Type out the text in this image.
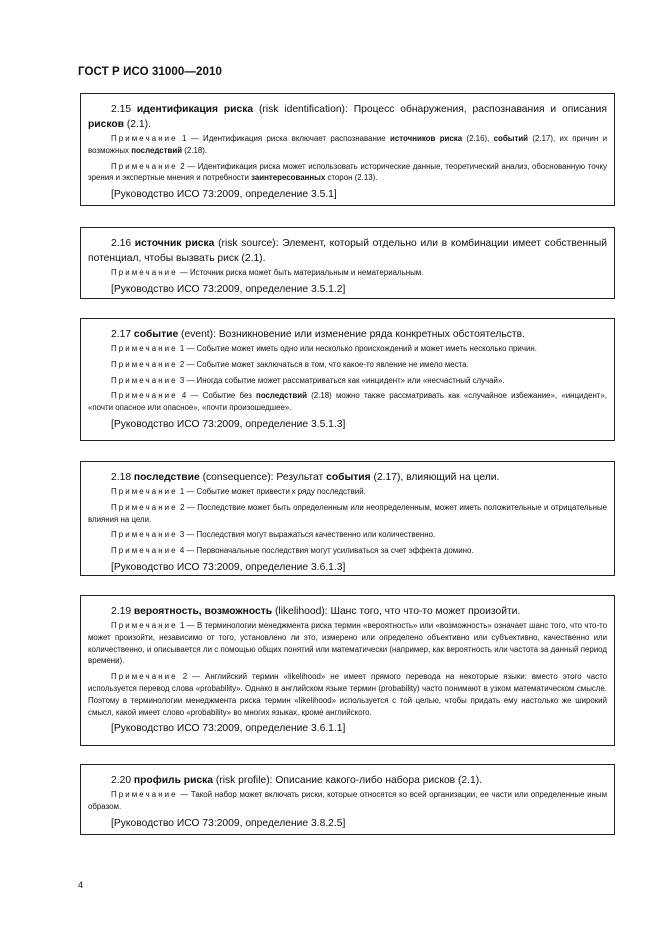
ГОСТ Р ИСО 31000—2010

2.15 идентификация риска (risk identification): Процесс обнаружения, распознавания и описания рисков (2.1).

Примечание 1 — Идентификация риска включает распознавание источников риска (2.16), событий (2.17), их причин и возможных последствий (2.18).

Примечание 2 — Идентификация риска может использовать исторические данные, теоретический анализ, обоснованную точку зрения и экспертные мнения и потребности заинтересованных сторон (2.13).

[Руководство ИСО 73:2009, определение 3.5.1]

2.16 источник риска (risk source): Элемент, который отдельно или в комбинации имеет собственный потенциал, чтобы вызвать риск (2.1).

Примечание — Источник риска может быть материальным и нематериальным.

[Руководство ИСО 73:2009, определение 3.5.1.2]

2.17 событие (event): Возникновение или изменение ряда конкретных обстоятельств.

Примечание 1 — Событие может иметь одно или несколько происхождений и может иметь несколько причин.

Примечание 2 — Событие может заключаться в том, что какое-то явление не имело места.

Примечание 3 — Иногда событие может рассматриваться как «инцидент» или «несчастный случай».

Примечание 4 — Событие без последствий (2.18) можно также рассматривать как «случайное избежание», «инцидент», «почти опасное или опасное», «почти произошедшее».

[Руководство ИСО 73:2009, определение 3.5.1.3]

2.18 последствие (consequence): Результат события (2.17), влияющий на цели.

Примечание 1 — Событие может привести к ряду последствий.

Примечание 2 — Последствие может быть определенным или неопределенным, может иметь положительные и отрицательные влияния на цели.

Примечание 3 — Последствия могут выражаться качественно или количественно.

Примечание 4 — Первоначальные последствия могут усиливаться за счет эффекта домино.

[Руководство ИСО 73:2009, определение 3.6.1.3]

2.19 вероятность, возможность (likelihood): Шанс того, что что-то может произойти.

Примечание 1 — В терминологии менеджмента риска термин «вероятность» или «возможность» означает шанс того, что что-то может произойти, независимо от того, установлено ли это, измерено или определено объективно или субъективно, качественно или количественно, и описывается ли с помощью общих понятий или математически (например, как вероятность или частота за данный период времени).

Примечание 2 — Английский термин «likelihood» не имеет прямого перевода на некоторые языки: вместо этого часто используется перевод слова «probability». Однако в английском языке термин (probability) часто понимают в узком математическом смысле. Поэтому в терминологии менеджмента риска термин «likelihood» используется с той целью, чтобы придать ему настолько же широкий смысл, какой имеет слово «probability» во многих языках, кроме английского.

[Руководство ИСО 73:2009, определение 3.6.1.1]

2.20 профиль риска (risk profile): Описание какого-либо набора рисков (2.1).

Примечание — Такой набор может включать риски, которые относятся ко всей организации, ее части или определенные иным образом.

[Руководство ИСО 73:2009, определение 3.8.2.5]
4
